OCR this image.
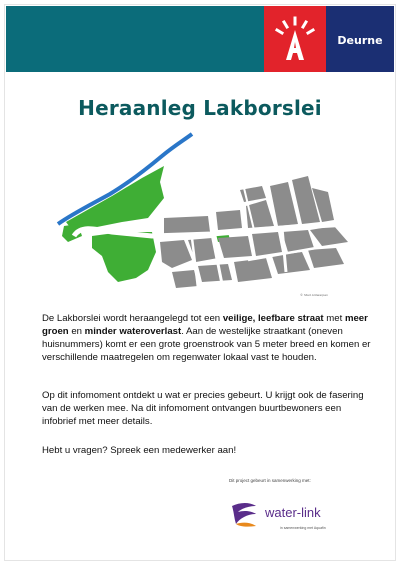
Deurne
Heraanleg Lakborslei
© Stad Antwerpen
De Lakborslei wordt heraangelegd tot een veilige, leefbare straat met meer groen en minder wateroverlast. Aan de westelijke straatkant (oneven huisnummers) komt er een grote groenstrook van 5 meter breed en komen er verschillende maatregelen om regenwater lokaal vast te houden.
Op dit infomoment ontdekt u wat er precies gebeurt. U krijgt ook de fasering van de werken mee. Na dit infomoment ontvangen buurtbewoners een infobrief met meer details.
Hebt u vragen? Spreek een medewerker aan!
Dit project gebeurt in samenwerking met:
water-link
in samenwerking met Aquafin
